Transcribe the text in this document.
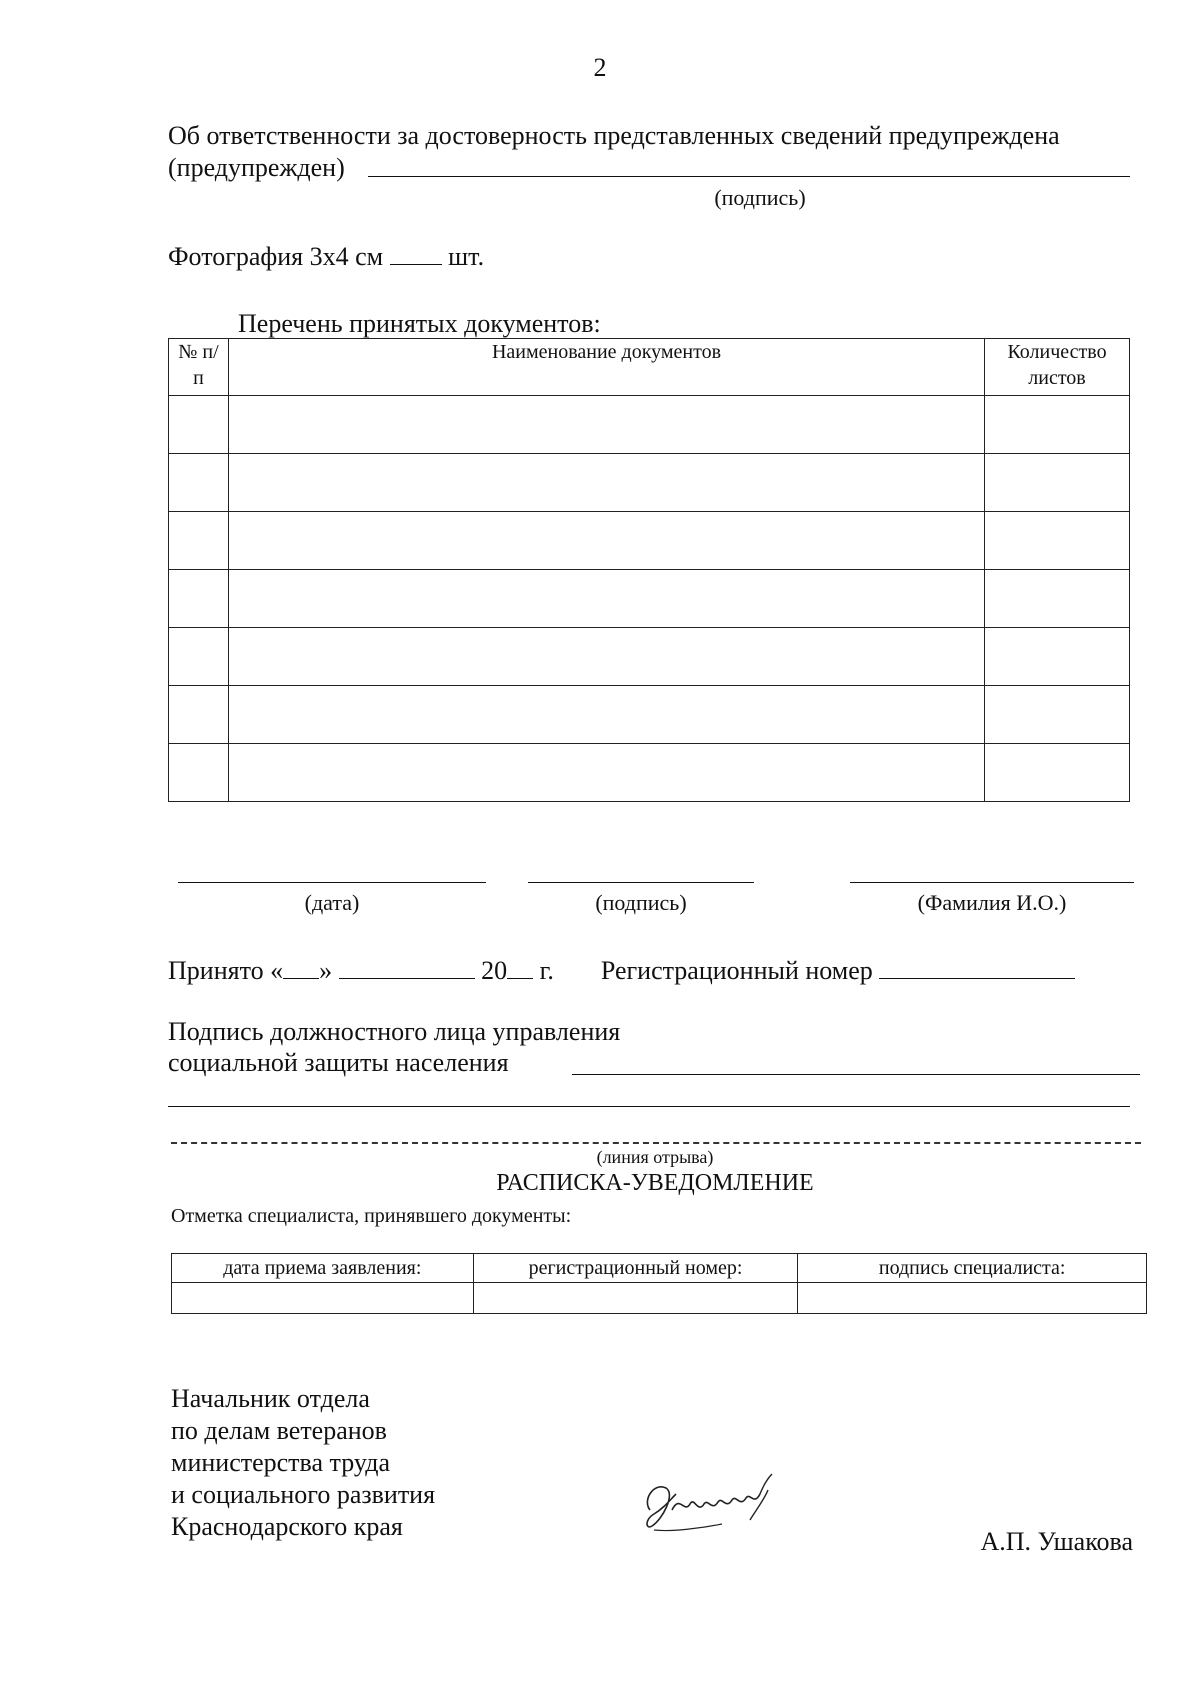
2
Об ответственности за достоверность представленных сведений предупреждена
(предупрежден)
(подпись)
Фотография 3х4 см	шт.
Перечень принятых документов:
№ п/п	Наименование документов	Количество листов

(дата)	(подпись)	(Фамилия И.О.)
Принято « »	20 г. Регистрационный номер
Подпись должностного лица управления
социальной защиты населения
(линия отрыва)
РАСПИСКА-УВЕДОМЛЕНИЕ
Отметка специалиста, принявшего документы:
дата приема заявления:	регистрационный номер:	подпись специалиста:

Начальник отдела
по делам ветеранов
министерства труда
и социального развития
Краснодарского края
А.П. Ушакова
